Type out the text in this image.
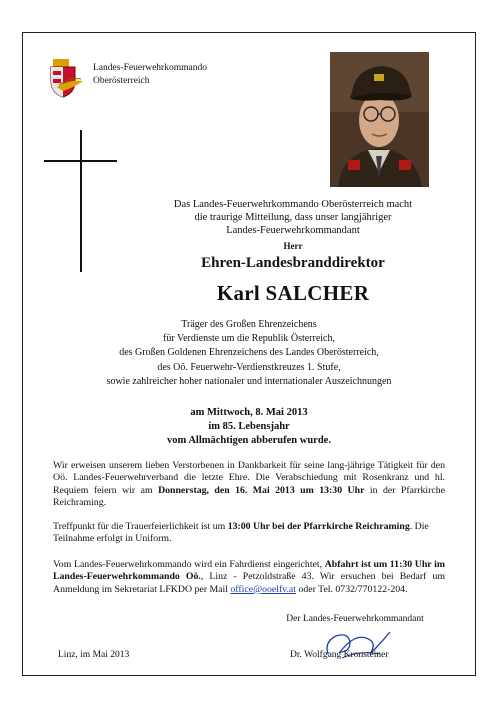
Landes-Feuerwehrkommando
Oberösterreich
Das Landes-Feuerwehrkommando Oberösterreich macht
die traurige Mitteilung, dass unser langjähriger
Landes-Feuerwehrkommandant
Herr
Ehren-Landesbranddirektor
Karl SALCHER
Träger des Großen Ehrenzeichens
für Verdienste um die Republik Österreich,
des Großen Goldenen Ehrenzeichens des Landes Oberösterreich,
des Oö. Feuerwehr-Verdienstkreuzes 1. Stufe,
sowie zahlreicher hoher nationaler und internationaler Auszeichnungen
am Mittwoch, 8. Mai 2013
im 85. Lebensjahr
vom Allmächtigen abberufen wurde.
Wir erweisen unserem lieben Verstorbenen in Dankbarkeit für seine lang-jährige Tätigkeit für den Oö. Landes-Feuerwehrverband die letzte Ehre. Die Verabschiedung mit Rosenkranz und hl. Requiem feiern wir am Donnerstag, den 16. Mai 2013 um 13:30 Uhr in der Pfarrkirche Reichraming.
Treffpunkt für die Trauerfeierlichkeit ist um 13:00 Uhr bei der Pfarrkirche Reichraming. Die Teilnahme erfolgt in Uniform.
Vom Landes-Feuerwehrkommando wird ein Fahrdienst eingerichtet, Abfahrt ist um 11:30 Uhr im Landes-Feuerwehrkommando Oö., Linz - Petzoldstraße 43. Wir ersuchen bei Bedarf um Anmeldung im Sekretariat LFKDO per Mail office@ooelfv.at oder Tel. 0732/770122-204.
Der Landes-Feuerwehrkommandant
Linz, im Mai 2013	Dr. Wolfgang Kronsteiner
